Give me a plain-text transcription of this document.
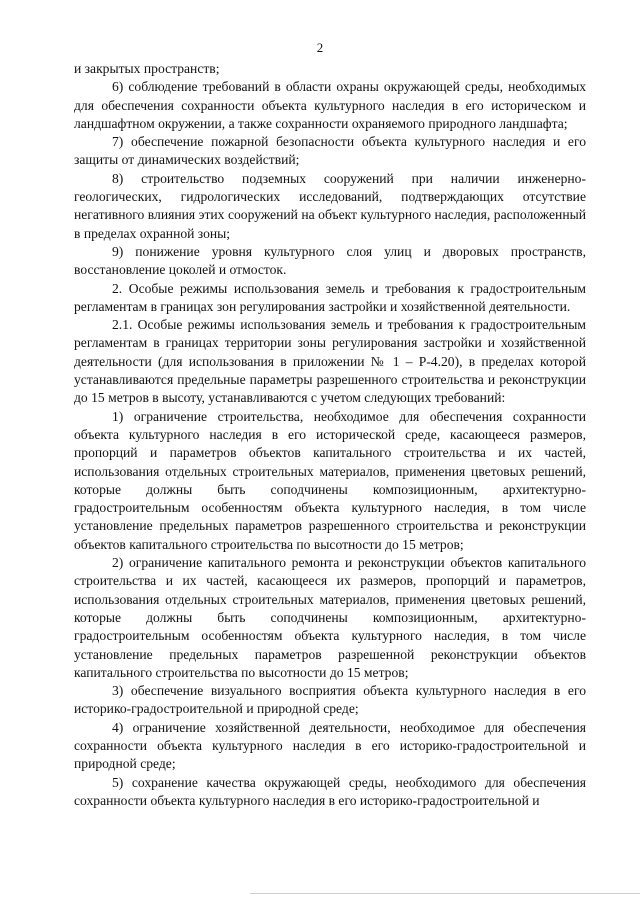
2

и закрытых пространств;

6) соблюдение требований в области охраны окружающей среды, необходимых для обеспечения сохранности объекта культурного наследия в его историческом и ландшафтном окружении, а также сохранности охраняемого природного ландшафта;

7) обеспечение пожарной безопасности объекта культурного наследия и его защиты от динамических воздействий;

8) строительство подземных сооружений при наличии инженерно-геологических, гидрологических исследований, подтверждающих отсутствие негативного влияния этих сооружений на объект культурного наследия, расположенный в пределах охранной зоны;

9) понижение уровня культурного слоя улиц и дворовых пространств, восстановление цоколей и отмосток.

2. Особые режимы использования земель и требования к градостроительным регламентам в границах зон регулирования застройки и хозяйственной деятельности.

2.1. Особые режимы использования земель и требования к градостроительным регламентам в границах территории зоны регулирования застройки и хозяйственной деятельности (для использования в приложении № 1 – Р-4.20), в пределах которой устанавливаются предельные параметры разрешенного строительства и реконструкции до 15 метров в высоту, устанавливаются с учетом следующих требований:

1) ограничение строительства, необходимое для обеспечения сохранности объекта культурного наследия в его исторической среде, касающееся размеров, пропорций и параметров объектов капитального строительства и их частей, использования отдельных строительных материалов, применения цветовых решений, которые должны быть соподчинены композиционным, архитектурно-градостроительным особенностям объекта культурного наследия, в том числе установление предельных параметров разрешенного строительства и реконструкции объектов капитального строительства по высотности до 15 метров;

2) ограничение капитального ремонта и реконструкции объектов капитального строительства и их частей, касающееся их размеров, пропорций и параметров, использования отдельных строительных материалов, применения цветовых решений, которые должны быть соподчинены композиционным, архитектурно-градостроительным особенностям объекта культурного наследия, в том числе установление предельных параметров разрешенной реконструкции объектов капитального строительства по высотности до 15 метров;

3) обеспечение визуального восприятия объекта культурного наследия в его историко-градостроительной и природной среде;

4) ограничение хозяйственной деятельности, необходимое для обеспечения сохранности объекта культурного наследия в его историко-градостроительной и природной среде;

5) сохранение качества окружающей среды, необходимого для обеспечения сохранности объекта культурного наследия в его историко-градостроительной и
